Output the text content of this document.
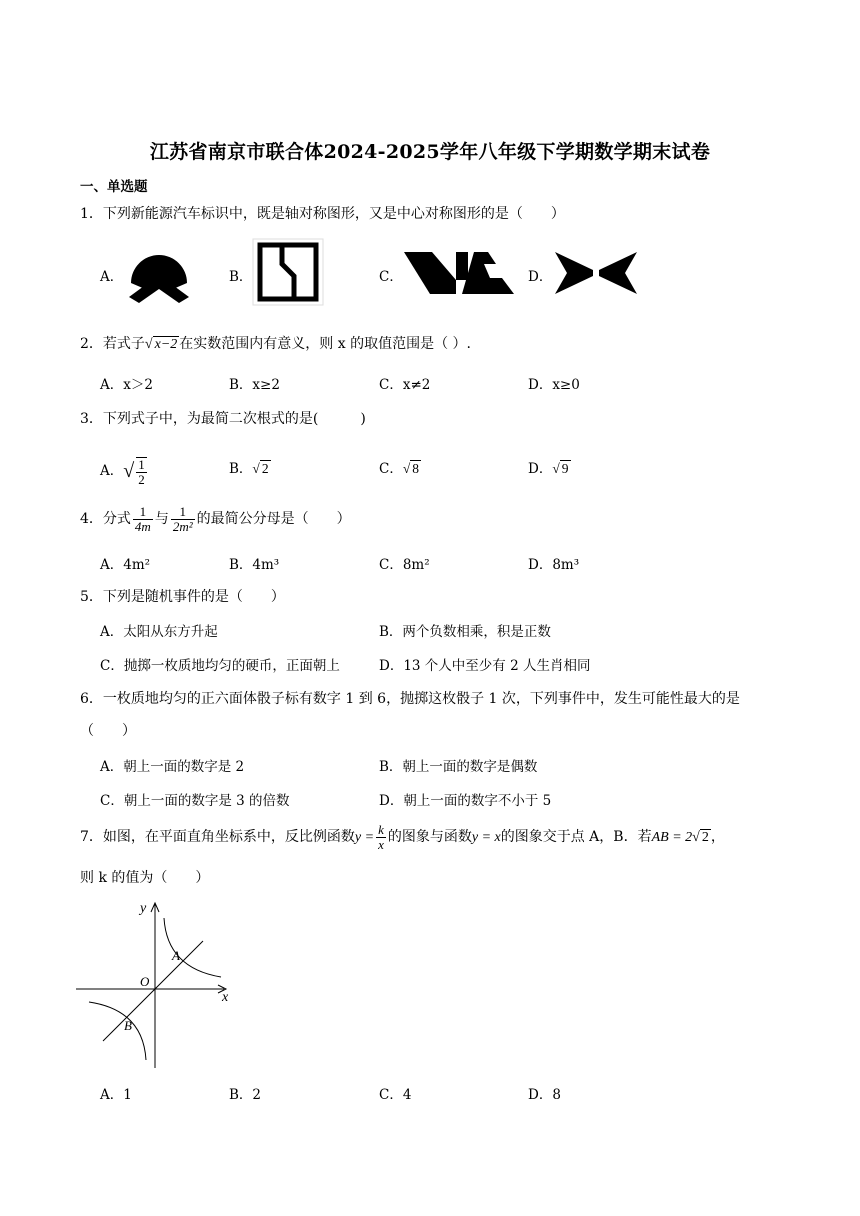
江苏省南京市联合体2024-2025学年八年级下学期数学期末试卷
一、单选题
1．下列新能源汽车标识中，既是轴对称图形，又是中心对称图形的是（　　）
A．	B．	C．	D．
2．若式子√ x−2 在实数范围内有意义，则 x 的取值范围是（ ）.
A．x＞2	B．x≥2	C．x≠2	D．x≥0
3．下列式子中，为最简二次根式的是(　　　)
A．√ $\frac{1}{2}$	B．√ 2	C．√ 8	D．√ 9
4．分式 $\frac{1}{4m}$ 与 $\frac{1}{\text{2m²}}$ 的最简公分母是（　　）
A．4m²	B．4m³	C．8m²	D．8m³
5．下列是随机事件的是（　　）
A．太阳从东方升起	B．两个负数相乘，积是正数
C．抛掷一枚质地均匀的硬币，正面朝上	D．13 个人中至少有 2 人生肖相同
6．一枚质地均匀的正六面体骰子标有数字 1 到 6，抛掷这枚骰子 1 次，下列事件中，发生可能性最大的是
（　　）
A．朝上一面的数字是 2	B．朝上一面的数字是偶数
C．朝上一面的数字是 3 的倍数	D．朝上一面的数字不小于 5
7．如图，在平面直角坐标系中，反比例函数$y = \frac{k}{x}$ 的图象与函数y = x的图象交于点 A，B．若AB = 2√ 2 ，
则 k 的值为（　　）
y
x
O
A
B
A．1	B．2	C．4	D．8
